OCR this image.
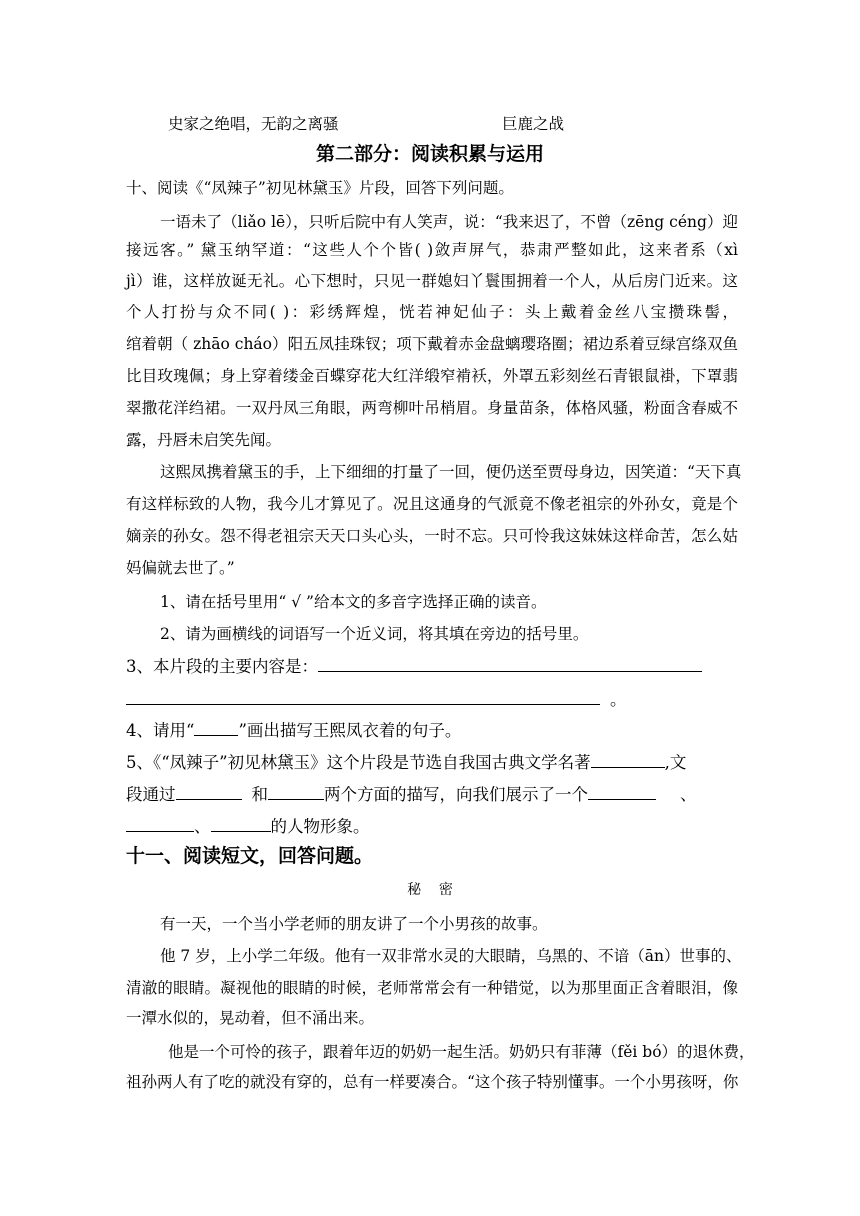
史家之绝唱，无韵之离骚	巨鹿之战
第二部分：阅读积累与运用
十、阅读《“凤辣子”初见林黛玉》片段，回答下列问题。
一语未了（liǎo lē），只听后院中有人笑声，说：“我来迟了，不曾（zēng céng）迎
接远客。” 黛玉纳罕道：“这些人个个皆( )敛声屏气，恭肃严整如此，这来者系（xì
jì）谁，这样放诞无礼。心下想时，只见一群媳妇丫鬟围拥着一个人，从后房门近来。这
个人打扮与众不同( )：彩绣辉煌，恍若神妃仙子：头上戴着金丝八宝攒珠髻，
绾着朝（ zhāo cháo）阳五凤挂珠钗；项下戴着赤金盘螭璎珞圈；裙边系着豆绿宫绦双鱼
比目玫瑰佩；身上穿着缕金百蝶穿花大红洋缎窄褃袄，外罩五彩刻丝石青银鼠褂，下罩翡
翠撒花洋绉裙。一双丹凤三角眼，两弯柳叶吊梢眉。身量苗条，体格风骚，粉面含春威不
露，丹唇未启笑先闻。
这熙凤携着黛玉的手，上下细细的打量了一回，便仍送至贾母身边，因笑道：“天下真
有这样标致的人物，我今儿才算见了。况且这通身的气派竟不像老祖宗的外孙女，竟是个
嫡亲的孙女。怨不得老祖宗天天口头心头，一时不忘。只可怜我这妹妹这样命苦，怎么姑
妈偏就去世了。”
1、请在括号里用“ √ ”给本文的多音字选择正确的读音。
2、请为画横线的词语写一个近义词，将其填在旁边的括号里。
3、本片段的主要内容是：
。
4、请用“	”画出描写王熙凤衣着的句子。
5、《“凤辣子”初见林黛玉》这个片段是节选自我国古典文学名著	,文
段通过	和	两个方面的描写，向我们展示了一个	、
、	的人物形象。
十一、阅读短文，回答问题。
秘    密
有一天，一个当小学老师的朋友讲了一个小男孩的故事。
他 7 岁，上小学二年级。他有一双非常水灵的大眼睛，乌黑的、不谙（ān）世事的、
清澈的眼睛。凝视他的眼睛的时候，老师常常会有一种错觉，以为那里面正含着眼泪，像
一潭水似的，晃动着，但不涌出来。
他是一个可怜的孩子，跟着年迈的奶奶一起生活。奶奶只有菲薄（fěi bó）的退休费，
祖孙两人有了吃的就没有穿的，总有一样要凑合。“这个孩子特别懂事。一个小男孩呀，你
